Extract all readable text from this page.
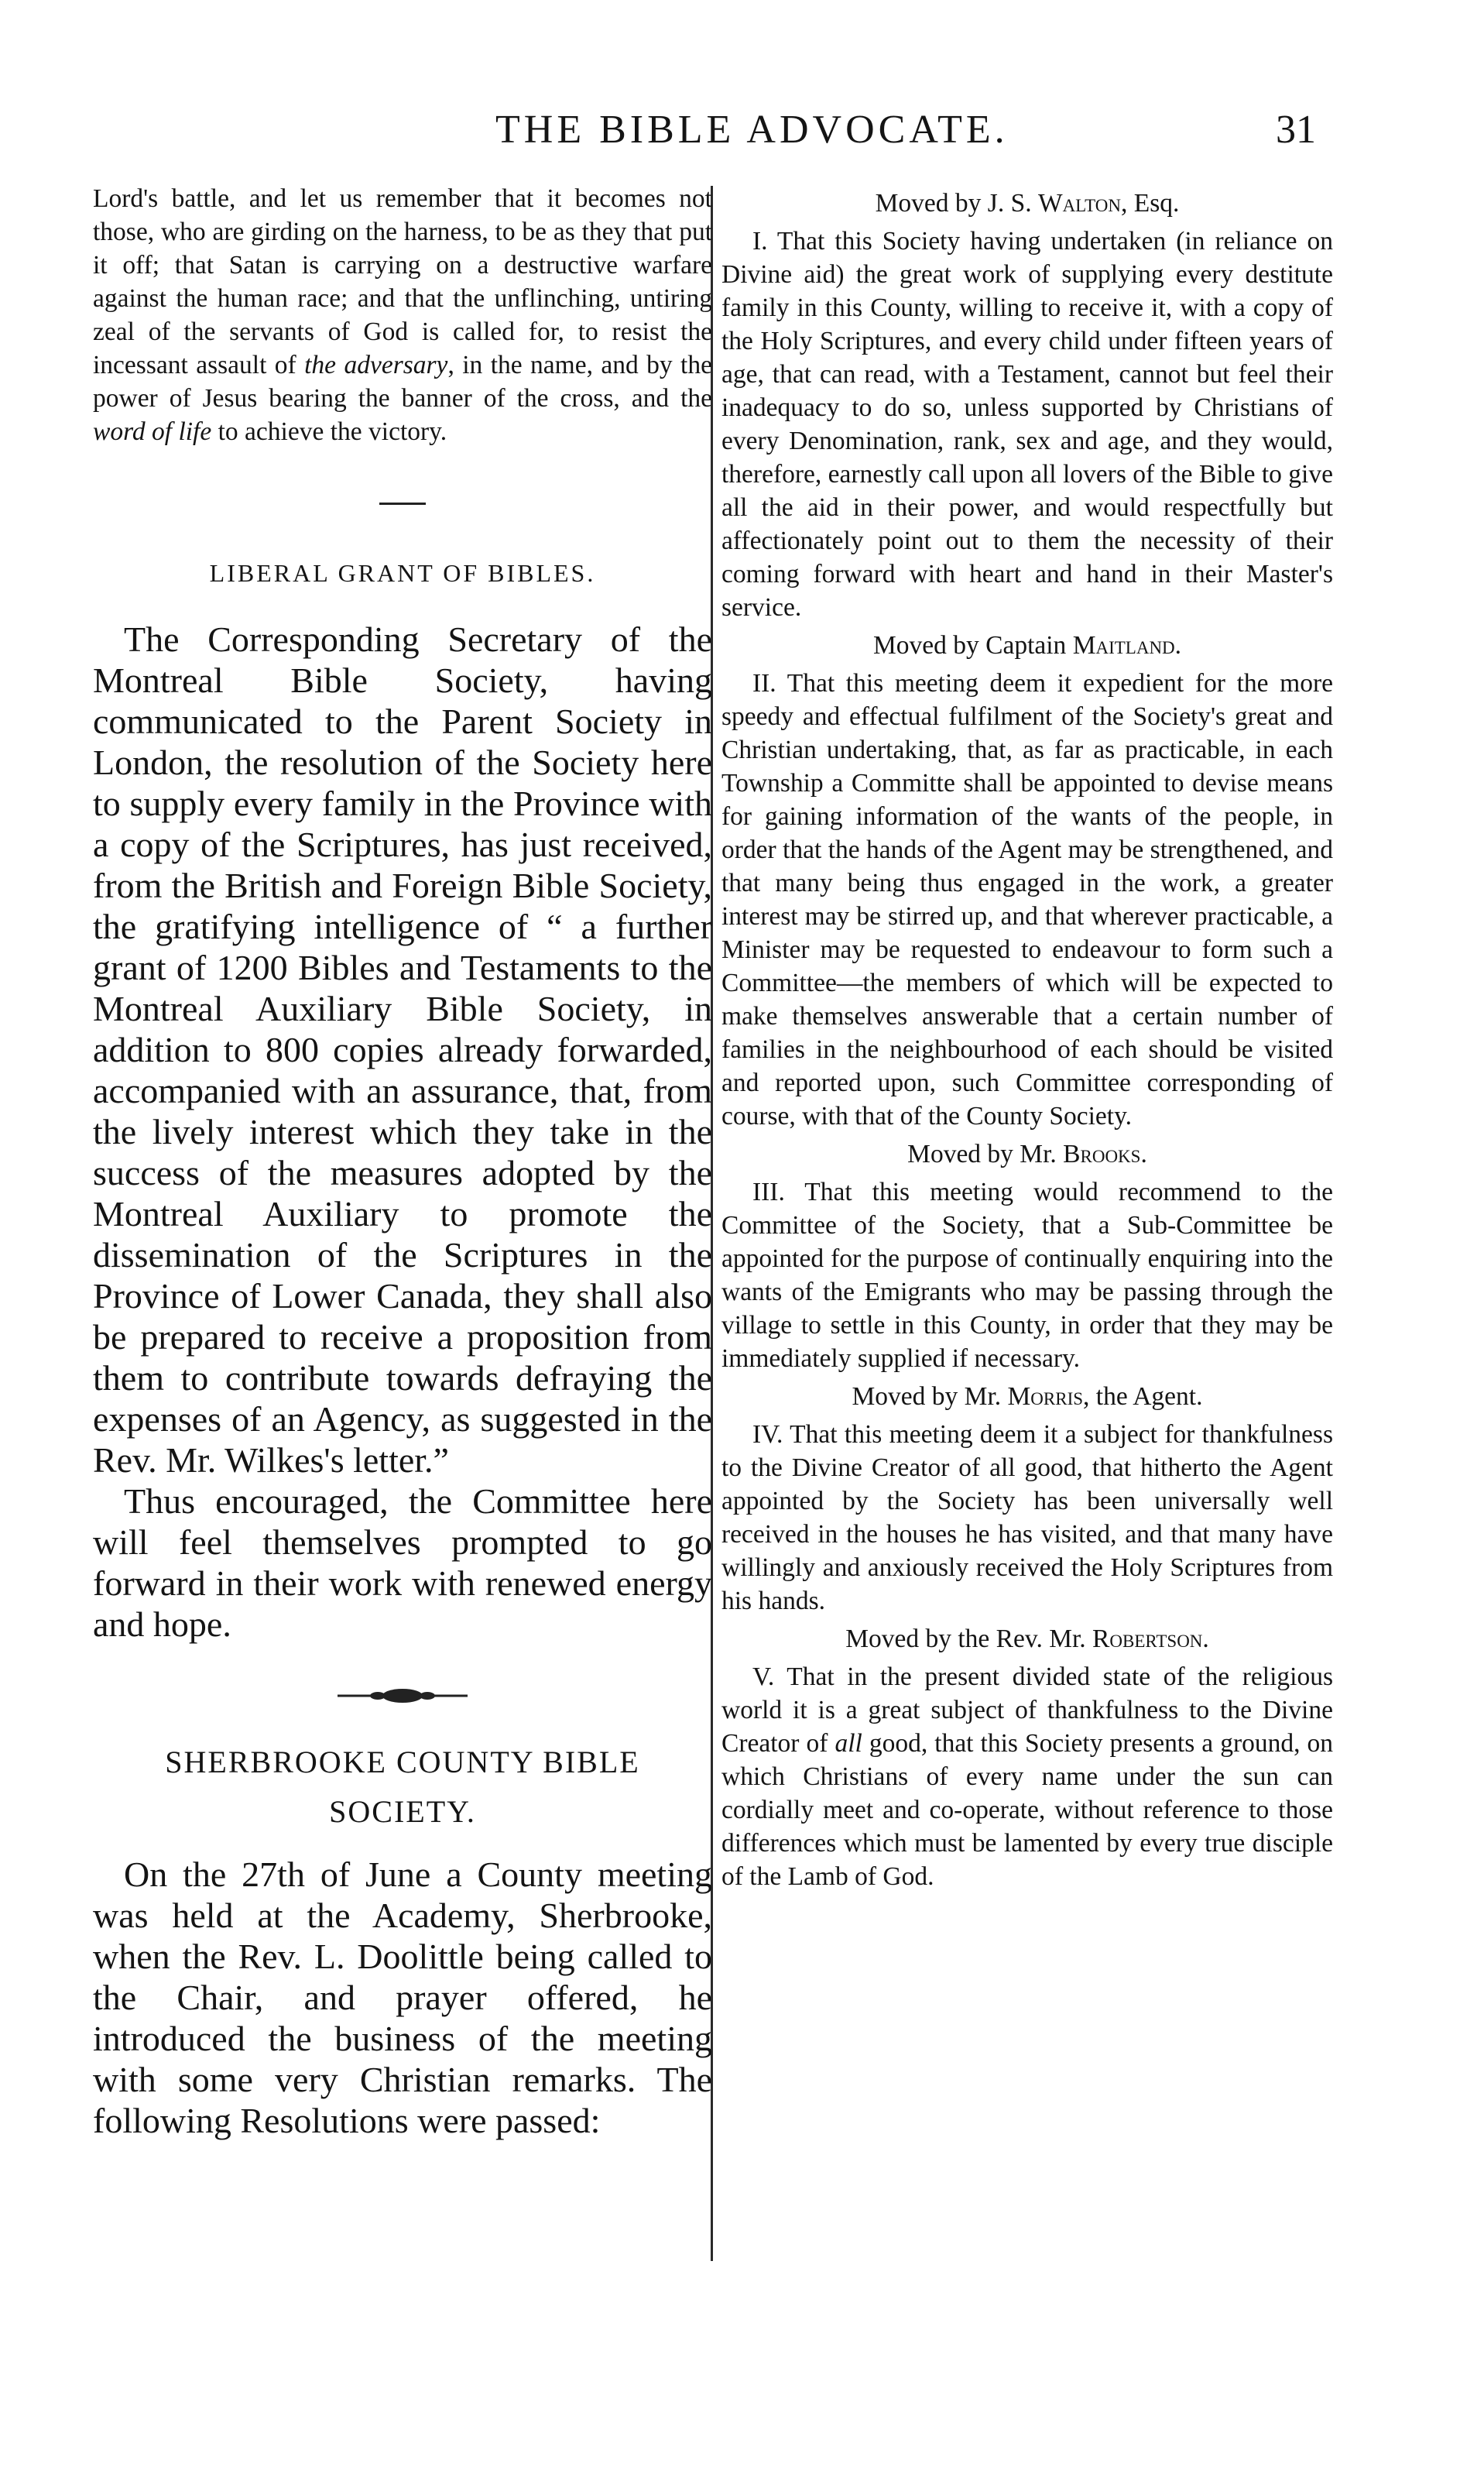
THE BIBLE ADVOCATE.	31

Lord's battle, and let us remember that it becomes not those, who are girding on the harness, to be as they that put it off; that Satan is carrying on a destructive warfare against the human race; and that the unflinching, untiring zeal of the servants of God is called for, to resist the incessant assault of the adversary, in the name, and by the power of Jesus bearing the banner of the cross, and the word of life to achieve the victory.

LIBERAL GRANT OF BIBLES.

The Corresponding Secretary of the Montreal Bible Society, having communicated to the Parent Society in London, the resolution of the Society here to supply every family in the Province with a copy of the Scriptures, has just received, from the British and Foreign Bible Society, the gratifying intelligence of “ a further grant of 1200 Bibles and Testaments to the Montreal Auxiliary Bible Society, in addition to 800 copies already forwarded, accompanied with an assurance, that, from the lively interest which they take in the success of the measures adopted by the Montreal Auxiliary to promote the dissemination of the Scriptures in the Province of Lower Canada, they shall also be prepared to receive a proposition from them to contribute towards defraying the expenses of an Agency, as suggested in the Rev. Mr. Wilkes's letter.”

Thus encouraged, the Committee here will feel themselves prompted to go forward in their work with renewed energy and hope.

SHERBROOKE COUNTY BIBLE
SOCIETY.

On the 27th of June a County meeting was held at the Academy, Sherbrooke, when the Rev. L. Doolittle being called to the Chair, and prayer offered, he introduced the business of the meeting with some very Christian remarks. The following Resolutions were passed:

Moved by J. S. Walton, Esq.

I. That this Society having undertaken (in reliance on Divine aid) the great work of supplying every destitute family in this County, willing to receive it, with a copy of the Holy Scriptures, and every child under fifteen years of age, that can read, with a Testament, cannot but feel their inadequacy to do so, unless supported by Christians of every Denomination, rank, sex and age, and they would, therefore, earnestly call upon all lovers of the Bible to give all the aid in their power, and would respectfully but affectionately point out to them the necessity of their coming forward with heart and hand in their Master's service.

Moved by Captain Maitland.

II. That this meeting deem it expedient for the more speedy and effectual fulfilment of the Society's great and Christian undertaking, that, as far as practicable, in each Township a Committe shall be appointed to devise means for gaining information of the wants of the people, in order that the hands of the Agent may be strengthened, and that many being thus engaged in the work, a greater interest may be stirred up, and that wherever practicable, a Minister may be requested to endeavour to form such a Committee—the members of which will be expected to make themselves answerable that a certain number of families in the neighbourhood of each should be visited and reported upon, such Committee corresponding of course, with that of the County Society.

Moved by Mr. Brooks.

III. That this meeting would recommend to the Committee of the Society, that a Sub-Committee be appointed for the purpose of continually enquiring into the wants of the Emigrants who may be passing through the village to settle in this County, in order that they may be immediately supplied if necessary.

Moved by Mr. Morris, the Agent.

IV. That this meeting deem it a subject for thankfulness to the Divine Creator of all good, that hitherto the Agent appointed by the Society has been universally well received in the houses he has visited, and that many have willingly and anxiously received the Holy Scriptures from his hands.

Moved by the Rev. Mr. Robertson.

V. That in the present divided state of the religious world it is a great subject of thankfulness to the Divine Creator of all good, that this Society presents a ground, on which Christians of every name under the sun can cordially meet and co-operate, without reference to those differences which must be lamented by every true disciple of the Lamb of God.
